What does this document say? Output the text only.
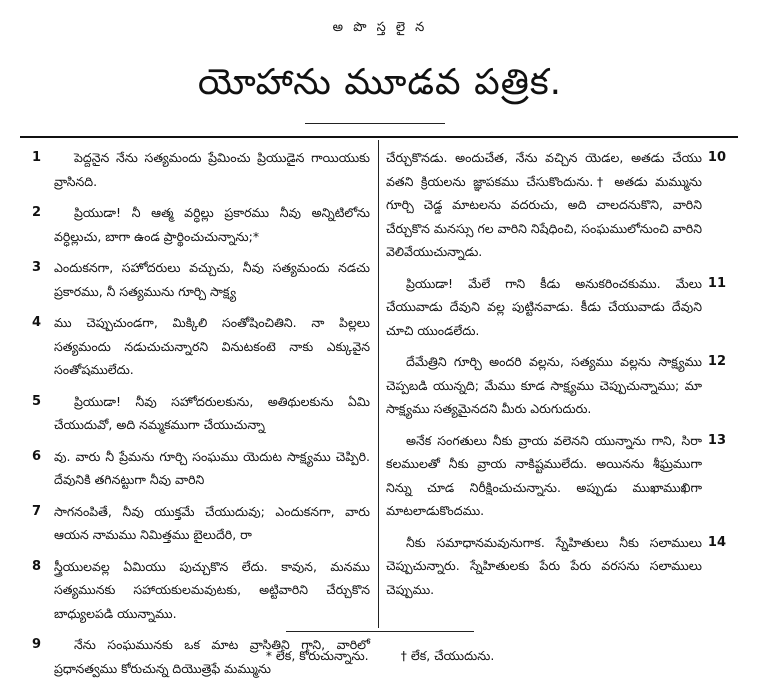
అ పొ స్త లై న
యోహాను మూడవ పత్రిక.
1	పెద్దనైన నేను సత్యమందు ప్రేమించు ప్రియుడైన గాయియుకు వ్రాసినది.
2	ప్రియుడా! నీ ఆత్మ వర్ధిల్లు ప్రకారము నీవు అన్నిటిలోను వర్ధిల్లుచు, బాగా ఉండ ప్రార్థించుచున్నాను;*
3	ఎందుకనగా, సహోదరులు వచ్చుచు, నీవు సత్యమందు నడచు ప్రకారము, నీ సత్యమును గూర్చి సాక్ష్య
4	ము చెప్పుచుండగా, మిక్కిలి సంతోషించితిని. నా పిల్లలు సత్యమందు నడుచుచున్నారని వినుటకంటె నాకు ఎక్కువైన సంతోషములేదు.
5	ప్రియుడా! నీవు సహోదరులకును, అతిథులకును ఏమి చేయుదువో, అది నమ్మకముగా చేయుచున్నా
6	వు. వారు నీ ప్రేమను గూర్చి సంఘము యెదుట సాక్ష్యము చెప్పిరి. దేవునికి తగినట్టుగా నీవు వారిని
7	సాగనంపితే, నీవు యుక్తమే చేయుదువు; ఎందుకనగా, వారు ఆయన నామము నిమిత్తము బైలుదేరి, రా
8	స్త్రీయులవల్ల ఏమియు పుచ్చుకొన లేదు. కావున, మనము సత్యమునకు సహాయకులమవుటకు, అట్టివారిని చేర్చుకొన బాధ్యులపడి యున్నాము.
9	నేను సంఘమునకు ఒక మాట వ్రాసితిని గాని, వారిలో ప్రధానత్వము కోరుచున్న దియొత్రెఫే మమ్మును
10
చేర్చుకొనడు. అందుచేత, నేను వచ్చిన యెడల, అతడు చేయు వతని క్రియలను జ్ఞాపకము చేసుకొందును.† అతడు మమ్మును గూర్చి చెడ్డ మాటలను వదరుచు, అది చాలదనుకొని, వారిని చేర్చుకొన మనస్సు గల వారిని నిషేధించి, సంఘములోనుంచి వారిని వెలివేయుచున్నాడు.
11
ప్రియుడా! మేలే గాని కీడు అనుకరించకుము. మేలు చేయువాడు దేవుని వల్ల పుట్టినవాడు. కీడు చేయువాడు దేవుని చూచి యుండలేదు.
12
దేమేత్రిని గూర్చి అందరి వల్లను, సత్యము వల్లను సాక్ష్యము చెప్పబడి యున్నది; మేము కూడ సాక్ష్యము చెప్పుచున్నాము; మా సాక్ష్యము సత్యమైనదని మీరు ఎరుగుదురు.
13
అనేక సంగతులు నీకు వ్రాయ వలెనని యున్నాను గాని, సిరా కలములతో నీకు వ్రాయ నాకిష్టములేదు. అయినను శీఘ్రముగా నిన్ను చూడ నిరీక్షించుచున్నాను. అప్పుడు ముఖాముఖిగా మాటలాడుకొందము.
14
నీకు సమాధానమవునుగాక. స్నేహితులు నీకు సలాములు చెప్పుచున్నారు. స్నేహితులకు పేరు పేరు వరసను సలాములు చెప్పుము.
* లేక, కోరుచున్నాను.	† లేక, చేయుదును.
